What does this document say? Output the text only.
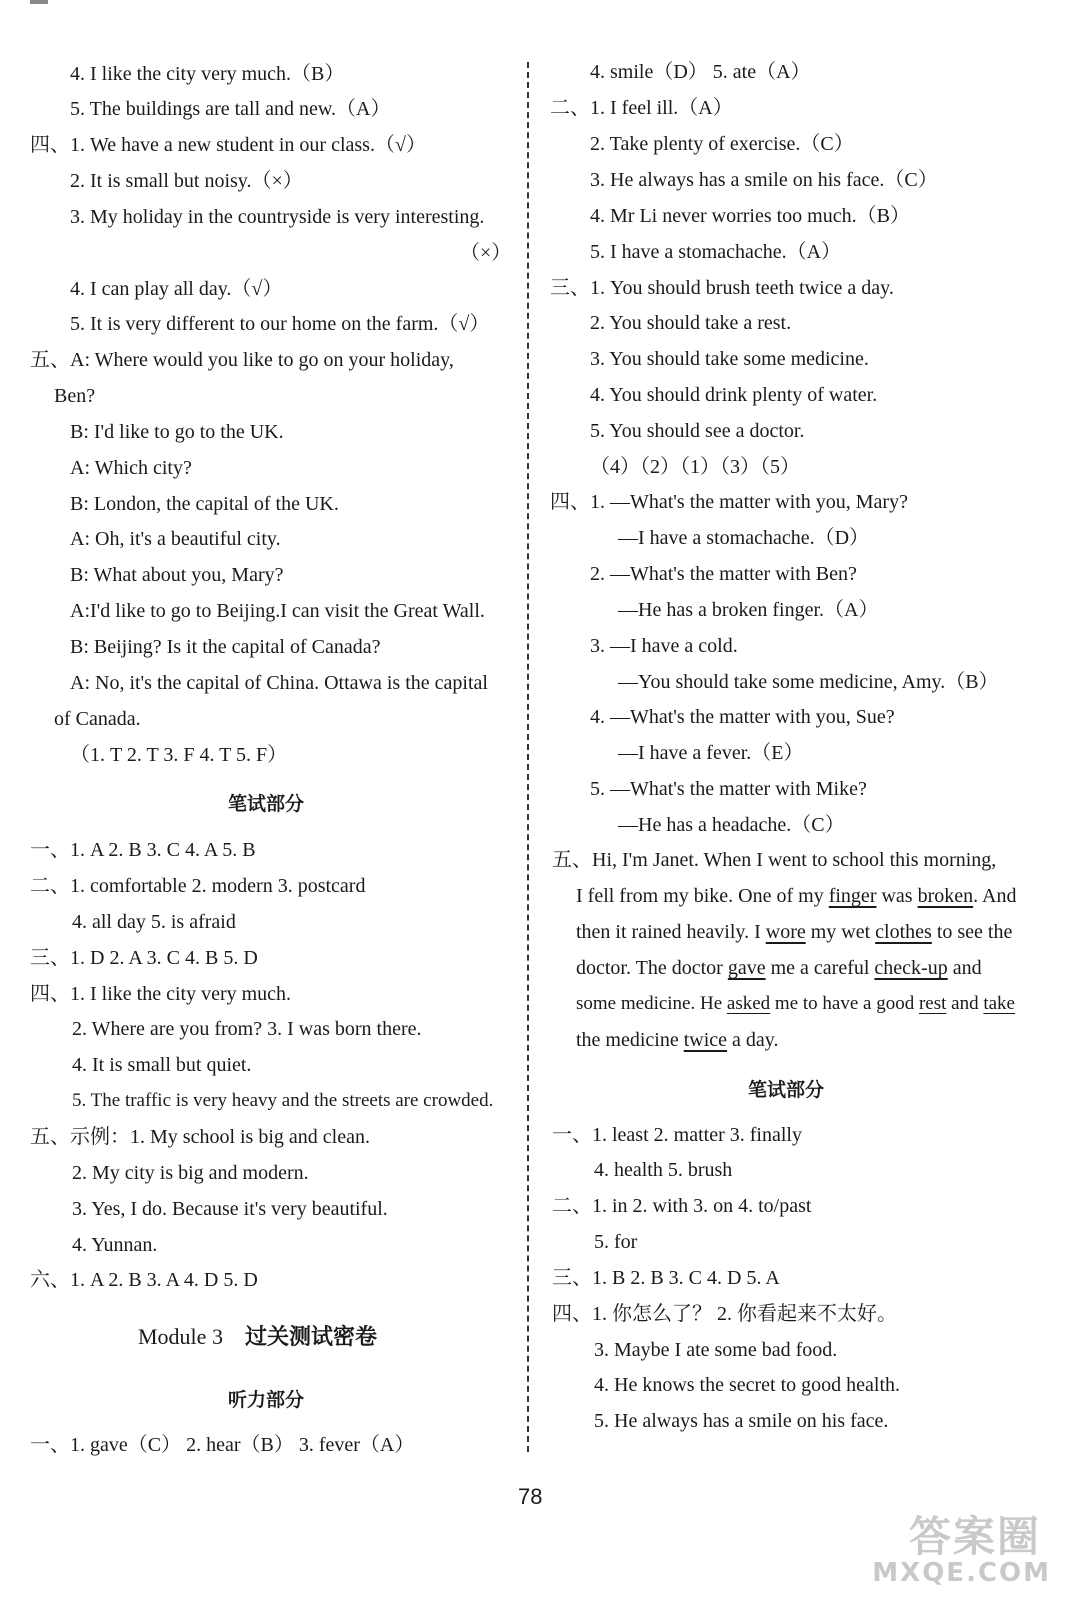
4. I like the city very much.（B）
5. The buildings are tall and new.（A）
四、1. We have a new student in our class.（√）
2. It is small but noisy.（×）
3. My holiday in the countryside is very interesting.
（×）
4. I can play all day.（√）
5. It is very different to our home on the farm.（√）
五、A: Where would you like to go on your holiday,
Ben?
B: I'd like to go to the UK.
A: Which city?
B: London, the capital of the UK.
A: Oh, it's a beautiful city.
B: What about you, Mary?
A:I'd like to go to Beijing.I can visit the Great Wall.
B: Beijing? Is it the capital of Canada?
A: No, it's the capital of China. Ottawa is the capital
of Canada.
（1. T 2. T 3. F 4. T 5. F）
笔试部分
一、1. A 2. B 3. C 4. A 5. B
二、1. comfortable 2. modern 3. postcard
4. all day 5. is afraid
三、1. D 2. A 3. C 4. B 5. D
四、1. I like the city very much.
2. Where are you from? 3. I was born there.
4. It is small but quiet.
5. The traffic is very heavy and the streets are crowded.
五、示例：1. My school is big and clean.
2. My city is big and modern.
3. Yes, I do. Because it's very beautiful.
4. Yunnan.
六、1. A 2. B 3. A 4. D 5. D
Module 3 过关测试密卷
听力部分
一、1. gave（C） 2. hear（B） 3. fever（A）
4. smile（D） 5. ate（A）
二、1. I feel ill.（A）
2. Take plenty of exercise.（C）
3. He always has a smile on his face.（C）
4. Mr Li never worries too much.（B）
5. I have a stomachache.（A）
三、1. You should brush teeth twice a day.
2. You should take a rest.
3. You should take some medicine.
4. You should drink plenty of water.
5. You should see a doctor.
（4）（2）（1）（3）（5）
四、1. —What's the matter with you, Mary?
—I have a stomachache.（D）
2. —What's the matter with Ben?
—He has a broken finger.（A）
3. —I have a cold.
—You should take some medicine, Amy.（B）
4. —What's the matter with you, Sue?
—I have a fever.（E）
5. —What's the matter with Mike?
—He has a headache.（C）
五、Hi, I'm Janet. When I went to school this morning,
I fell from my bike. One of my finger was broken. And
then it rained heavily. I wore my wet clothes to see the
doctor. The doctor gave me a careful check-up and
some medicine. He asked me to have a good rest and take
the medicine twice a day.
笔试部分
一、1. least 2. matter 3. finally
4. health 5. brush
二、1. in 2. with 3. on 4. to/past
5. for
三、1. B 2. B 3. C 4. D 5. A
四、1. 你怎么了？ 2. 你看起来不太好。
3. Maybe I ate some bad food.
4. He knows the secret to good health.
5. He always has a smile on his face.
78
答案圈
MXQE.COM
